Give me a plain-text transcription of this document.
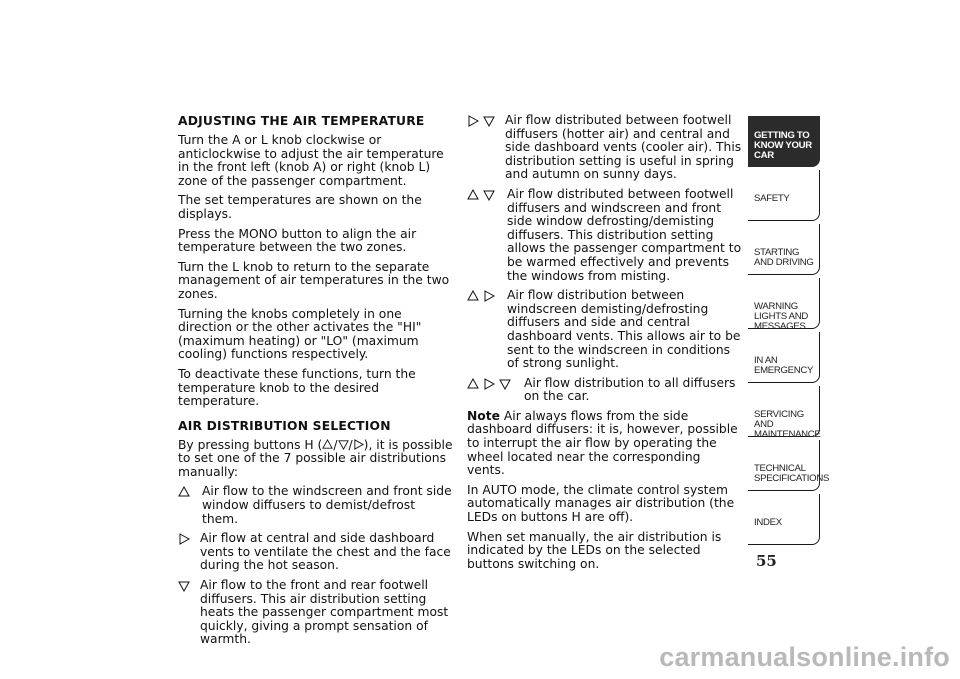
ADJUSTING THE AIR TEMPERATURE

Turn the A or L knob clockwise or anticlockwise to adjust the air temperature in the front left (knob A) or right (knob L) zone of the passenger compartment.

The set temperatures are shown on the displays.

Press the MONO button to align the air temperature between the two zones.

Turn the L knob to return to the separate management of air temperatures in the two zones.

Turning the knobs completely in one direction or the other activates the "HI" (maximum heating) or "LO" (maximum cooling) functions respectively.

To deactivate these functions, turn the temperature knob to the desired temperature.

AIR DISTRIBUTION SELECTION

By pressing buttons H ( / / ), it is possible to set one of the 7 possible air distributions manually:

Air flow to the windscreen and front side window diffusers to demist/defrost them.
Air flow at central and side dashboard vents to ventilate the chest and the face during the hot season.
Air flow to the front and rear footwell diffusers. This air distribution setting heats the passenger compartment most quickly, giving a prompt sensation of warmth.
Air flow distributed between footwell diffusers (hotter air) and central and side dashboard vents (cooler air). This distribution setting is useful in spring and autumn on sunny days.
Air flow distributed between footwell diffusers and windscreen and front side window defrosting/demisting diffusers. This distribution setting allows the passenger compartment to be warmed effectively and prevents the windows from misting.
Air flow distribution between windscreen demisting/defrosting diffusers and side and central dashboard vents. This allows air to be sent to the windscreen in conditions of strong sunlight.
Air flow distribution to all diffusers on the car.

Note Air always flows from the side dashboard diffusers: it is, however, possible to interrupt the air flow by operating the wheel located near the corresponding vents.

In AUTO mode, the climate control system automatically manages air distribution (the LEDs on buttons H are off).

When set manually, the air distribution is indicated by the LEDs on the selected buttons switching on.

GETTING TO KNOW YOUR CAR
SAFETY
STARTING AND DRIVING
WARNING LIGHTS AND MESSAGES
IN AN EMERGENCY
SERVICING AND MAINTENANCE
TECHNICAL SPECIFICATIONS
INDEX
55
carmanualsonline.info
